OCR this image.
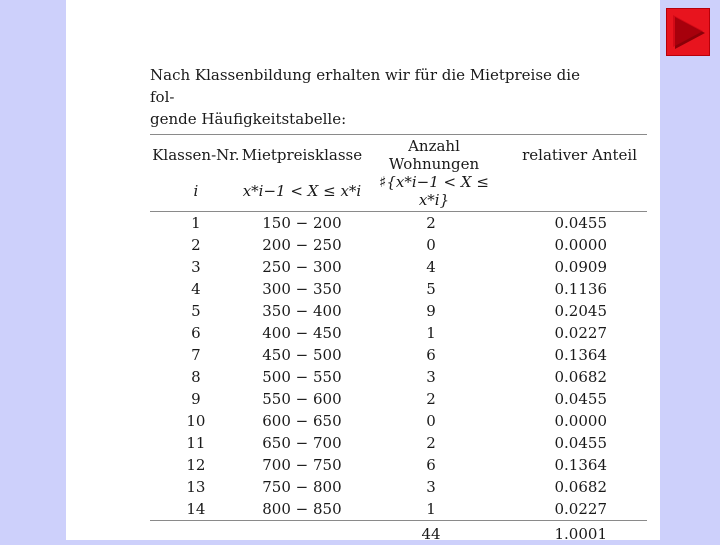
Nach Klassenbildung erhalten wir für die Mietpreise die fol-

gende Häufigkeitstabelle:

Klassen-Nr.	Mietpreisklasse	Anzahl Wohnungen	relativer Anteil
i	x*i−1 < X ≤ x*i	♯{x*i−1 < X ≤ x*i}	
1	150 − 200	2	0.0455
2	200 − 250	0	0.0000
3	250 − 300	4	0.0909
4	300 − 350	5	0.1136
5	350 − 400	9	0.2045
6	400 − 450	1	0.0227
7	450 − 500	6	0.1364
8	500 − 550	3	0.0682
9	550 − 600	2	0.0455
10	600 − 650	0	0.0000
11	650 − 700	2	0.0455
12	700 − 750	6	0.1364
13	750 − 800	3	0.0682
14	800 − 850	1	0.0227
		44	1.0001
